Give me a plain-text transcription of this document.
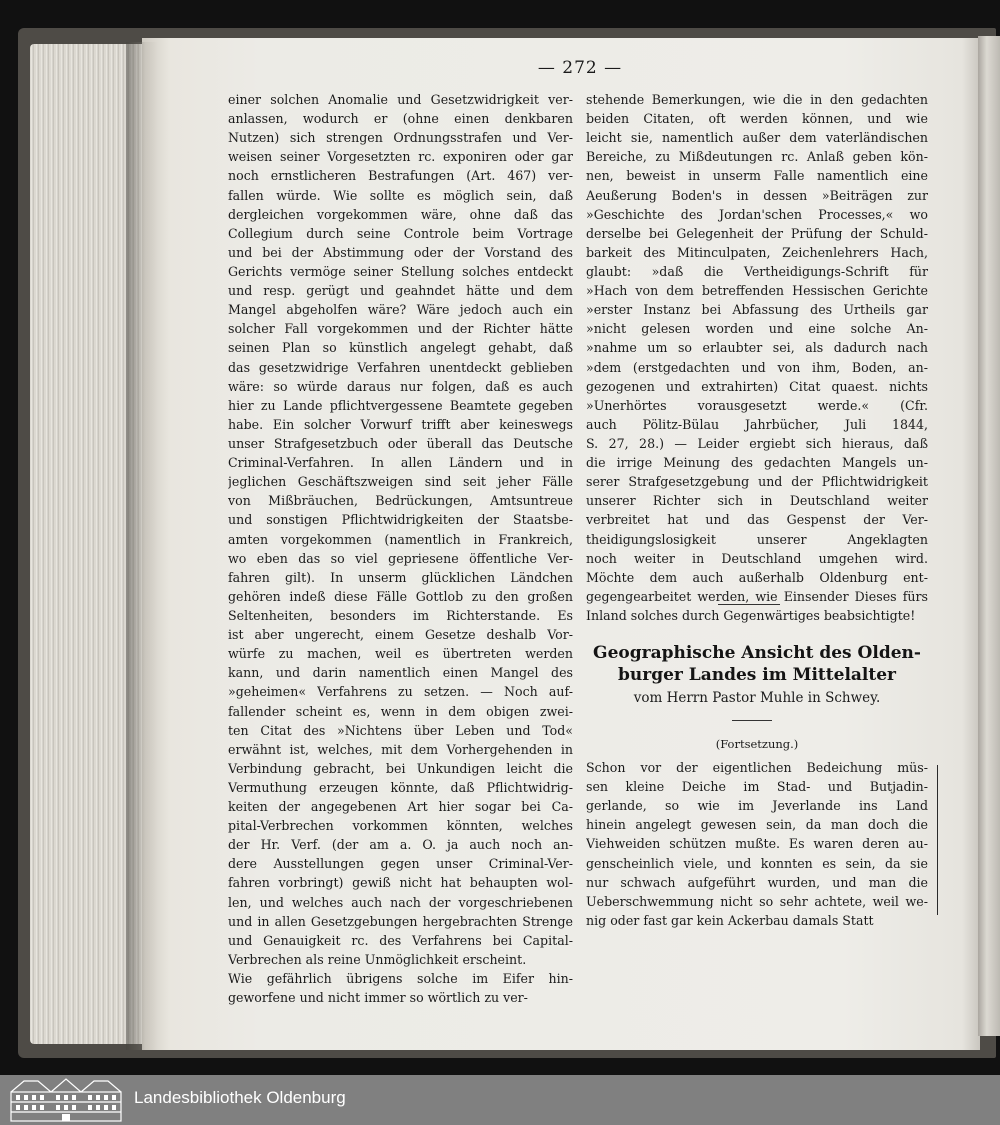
— 272 —
einer solchen Anomalie und Gesetzwidrigkeit ver-
anlassen, wodurch er (ohne einen denkbaren
Nutzen) sich strengen Ordnungsstrafen und Ver-
weisen seiner Vorgesetzten rc. exponiren oder gar
noch ernstlicheren Bestrafungen (Art. 467) ver-
fallen würde. Wie sollte es möglich sein, daß
dergleichen vorgekommen wäre, ohne daß das
Collegium durch seine Controle beim Vortrage
und bei der Abstimmung oder der Vorstand des
Gerichts vermöge seiner Stellung solches entdeckt
und resp. gerügt und geahndet hätte und dem
Mangel abgeholfen wäre? Wäre jedoch auch ein
solcher Fall vorgekommen und der Richter hätte
seinen Plan so künstlich angelegt gehabt, daß
das gesetzwidrige Verfahren unentdeckt geblieben
wäre: so würde daraus nur folgen, daß es auch
hier zu Lande pflichtvergessene Beamtete gegeben
habe. Ein solcher Vorwurf trifft aber keineswegs
unser Strafgesetzbuch oder überall das Deutsche
Criminal-Verfahren. In allen Ländern und in
jeglichen Geschäftszweigen sind seit jeher Fälle
von Mißbräuchen, Bedrückungen, Amtsuntreue
und sonstigen Pflichtwidrigkeiten der Staatsbe-
amten vorgekommen (namentlich in Frankreich,
wo eben das so viel gepriesene öffentliche Ver-
fahren gilt). In unserm glücklichen Ländchen
gehören indeß diese Fälle Gottlob zu den großen
Seltenheiten, besonders im Richterstande. Es
ist aber ungerecht, einem Gesetze deshalb Vor-
würfe zu machen, weil es übertreten werden
kann, und darin namentlich einen Mangel des
»geheimen« Verfahrens zu setzen. — Noch auf-
fallender scheint es, wenn in dem obigen zwei-
ten Citat des »Nichtens über Leben und Tod«
erwähnt ist, welches, mit dem Vorhergehenden in
Verbindung gebracht, bei Unkundigen leicht die
Vermuthung erzeugen könnte, daß Pflichtwidrig-
keiten der angegebenen Art hier sogar bei Ca-
pital-Verbrechen vorkommen könnten, welches
der Hr. Verf. (der am a. O. ja auch noch an-
dere Ausstellungen gegen unser Criminal-Ver-
fahren vorbringt) gewiß nicht hat behaupten wol-
len, und welches auch nach der vorgeschriebenen
und in allen Gesetzgebungen hergebrachten Strenge
und Genauigkeit rc. des Verfahrens bei Capital-
Verbrechen als reine Unmöglichkeit erscheint.
Wie gefährlich übrigens solche im Eifer hin-
geworfene und nicht immer so wörtlich zu ver-
stehende Bemerkungen, wie die in den gedachten
beiden Citaten, oft werden können, und wie
leicht sie, namentlich außer dem vaterländischen
Bereiche, zu Mißdeutungen rc. Anlaß geben kön-
nen, beweist in unserm Falle namentlich eine
Aeußerung Boden's in dessen »Beiträgen zur
»Geschichte des Jordan'schen Processes,« wo
derselbe bei Gelegenheit der Prüfung der Schuld-
barkeit des Mitinculpaten, Zeichenlehrers Hach,
glaubt: »daß die Vertheidigungs-Schrift für
»Hach von dem betreffenden Hessischen Gerichte
»erster Instanz bei Abfassung des Urtheils gar
»nicht gelesen worden und eine solche An-
»nahme um so erlaubter sei, als dadurch nach
»dem (erstgedachten und von ihm, Boden, an-
gezogenen und extrahirten) Citat quaest. nichts
»Unerhörtes vorausgesetzt werde.« (Cfr.
auch Pölitz-Bülau Jahrbücher, Juli 1844,
S. 27, 28.) — Leider ergiebt sich hieraus, daß
die irrige Meinung des gedachten Mangels un-
serer Strafgesetzgebung und der Pflichtwidrigkeit
unserer Richter sich in Deutschland weiter
verbreitet hat und das Gespenst der Ver-
theidigungslosigkeit unserer Angeklagten
noch weiter in Deutschland umgehen wird.
Möchte dem auch außerhalb Oldenburg ent-
gegengearbeitet werden, wie Einsender Dieses fürs
Inland solches durch Gegenwärtiges beabsichtigte!
Geographische Ansicht des Olden-
burger Landes im Mittelalter
vom Herrn Pastor Muhle in Schwey.
(Fortsetzung.)
Schon vor der eigentlichen Bedeichung müs-
sen kleine Deiche im Stad- und Butjadin-
gerlande, so wie im Jeverlande ins Land
hinein angelegt gewesen sein, da man doch die
Viehweiden schützen mußte. Es waren deren au-
genscheinlich viele, und konnten es sein, da sie
nur schwach aufgeführt wurden, und man die
Ueberschwemmung nicht so sehr achtete, weil we-
nig oder fast gar kein Ackerbau damals Statt
Landesbibliothek Oldenburg
